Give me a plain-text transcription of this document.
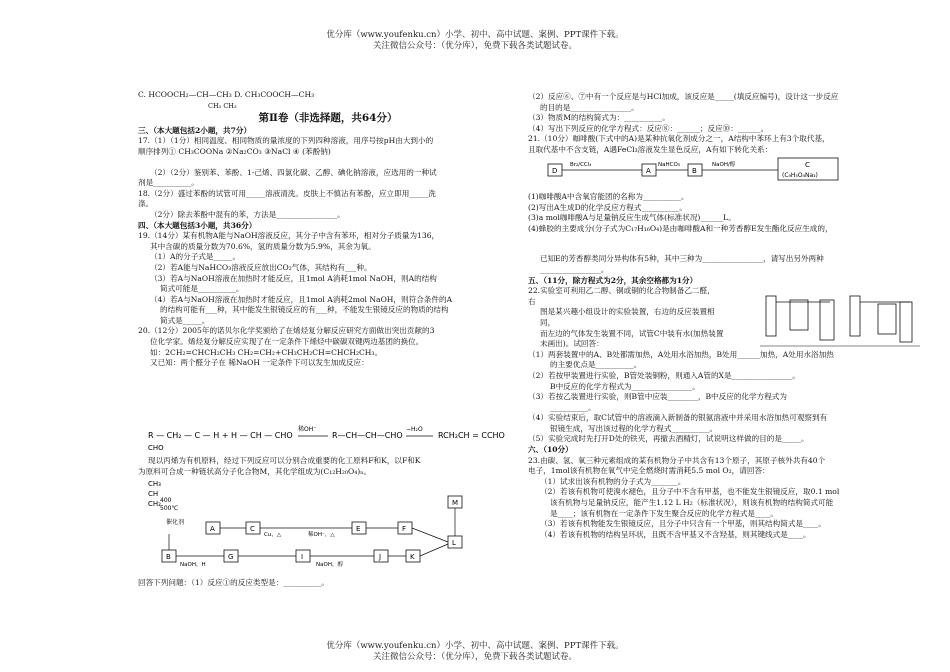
优分库（www.youfenku.cn）小学、初中、高中试题、案例、PPT课件下载。
关注微信公众号：（优分库），免费下载各类试题试卷。

C. HCOOCH₂—CH—CH₃ D. CH₃COOCH—CH₃

CH₃ CH₃

第Ⅱ卷（非选择题，共64分）

三、（本大题包括2小题，共7分）

17.（1）（1分）相同温度、相同物质的量浓度的下列四种溶液，用序号按pH由大到小的

顺序排列① CH₃COONa ②Na₂CO₃ ③NaCl ④ (苯酚钠)

（2）（2分）鉴别苯、苯酚、1-己烯、四氯化碳、乙醇、碘化钠溶液，应选用的一种试

剂是__________。

18.（2分）盛过苯酚的试管可用_____溶液清洗。皮肤上不慎沾有苯酚，应立即用_____洗

涤。

（2分）除去苯酚中混有的苯，方法是________________。

四、（本大题包括3小题，共36分）

19.（14分）某有机物A能与NaOH溶液反应，其分子中含有苯环，相对分子质量为136，

其中含碳的质量分数为70.6%，氢的质量分数为5.9%，其余为氧。

（1）A的分子式是_____。

（2）若A能与NaHCO₃溶液反应放出CO₂气体，其结构有___种。

（3）若A与NaOH溶液在加热时才能反应，且1mol A消耗1mol NaOH，则A的结构

简式可能是__________。

（4）若A与NaOH溶液在加热时才能反应，且1mol A消耗2mol NaOH，则符合条件的A

的结构可能有___种，其中能发生银镜反应的有___种，不能发生银镜反应的物质的结构

简式是_____。

20.（12分）2005年的诺贝尔化学奖颁给了在烯烃复分解反应研究方面做出突出贡献的3

位化学家。烯烃复分解反应实现了在一定条件下烯烃中碳碳双键两边基团的换位。

如：2CH₂=CHCH₂CH₃ CH₂=CH₂+CH₃CH₂CH=CHCH₂CH₃。

又已知：两个醛分子在 稀NaOH 一定条件下可以发生加成反应：

R — CH₂ — C — H + H — CH — CHO
稀OH⁻
R—CH—CH—CHO
−H₂O
RCH₂CH = CCHO
CHO

现以丙烯为有机原料，经过下列反应可以分别合成重要的化工原料F和K，以F和K

为原料可合成一种链状高分子化合物M，其化学组成为(C₁₂H₂₀O₄)ₙ。

CH₃
CH
CH₂ 400
500℃
催化剂
A	C	E	F
Cu，△	稀OH⁻，△
B	G	I	J	K
NaOH，H	NaOH，醇
M
L

回答下列问题：（1）反应①的反应类型是：__________。

（2）反应⑥、⑦中有一个反应是与HCl加成，该反应是_____(填反应编号)，设计这一步反应

的目的是________________。

（3）物质M的结构简式为：__________。

（4）写出下列反应的化学方程式：反应⑧：______；反应⑩：______。

21.（10分）咖啡酸(下式中的A)是某种抗氧化剂成分之一，A结构中苯环上有3个取代基，

且取代基中不含支链，A遇FeCl₃溶液发生显色反应，A有如下转化关系：

D	A	B
C
(C₉H₅O₄Na₃)
Br₂/CCl₄	NaHCO₃	NaOH/醇

(1)咖啡酸A中含氧官能团的名称为__________。

(2)写出A生成D的化学反应方程式__________。

(3)a mol咖啡酸A与足量钠反应生成气体(标准状况)______L。

(4)蜂胶的主要成分(分子式为C₁₇H₁₆O₄)是由咖啡酸A和一种芳香醇E发生酯化反应生成的，

已知E的芳香醇类同分异构体有5种，其中三种为________________，请写出另外两种

________________。

五、（11分，除方程式为2分，其余空格都为1分）

22.实验室可利用乙二醇、铜或铜的化合物制备乙二醛，

右

图是某兴趣小组设计的实验装置，右边的反应装置相

同，

而左边的气体发生装置不同，试管C中装有水(加热装置

未画出)。试回答：

（1）两套装置中的A、B处都需加热，A处用水浴加热，B处用______加热，A处用水浴加热

的主要优点是__________。

（2）若按甲装置进行实验，B管处装铜粉，则通入A管的X是________________。

B中反应的化学方程式为________________。

（3）若按乙装置进行实验，则B管中应装________，B中反应的化学方程式为

__________。

（4）实验结束后，取C试管中的溶液滴入新制备的银氨溶液中并采用水浴加热可观察到有

银镜生成，写出该过程的化学方程式__________。

（5）实验完成时先打开D处的铁夹，再撤去酒精灯，试说明这样做的目的是_____。

六、（10分）

23.由碳、氢、氧三种元素组成的某有机物分子中共含有13个原子，其原子核外共有40个

电子，1mol该有机物在氧气中完全燃烧时需消耗5.5 mol O₂，请回答：

（1）试求出该有机物的分子式为_______。

（2）若该有机物可使溴水褪色，且分子中不含有甲基，也不能发生银镜反应，取0.1 mol

该有机物与足量钠反应，能产生1.12 L H₂（标准状况），则该有机物的结构简式可能

是____；该有机物在一定条件下发生聚合反应的化学方程式是____。

（3）若该有机物能发生银镜反应，且分子中只含有一个甲基，则其结构简式是____。

（4）若该有机物的结构呈环状，且既不含甲基又不含羟基，则其键线式是____。

优分库（www.youfenku.cn）小学、初中、高中试题、案例、PPT课件下载。
关注微信公众号：（优分库），免费下载各类试题试卷。
